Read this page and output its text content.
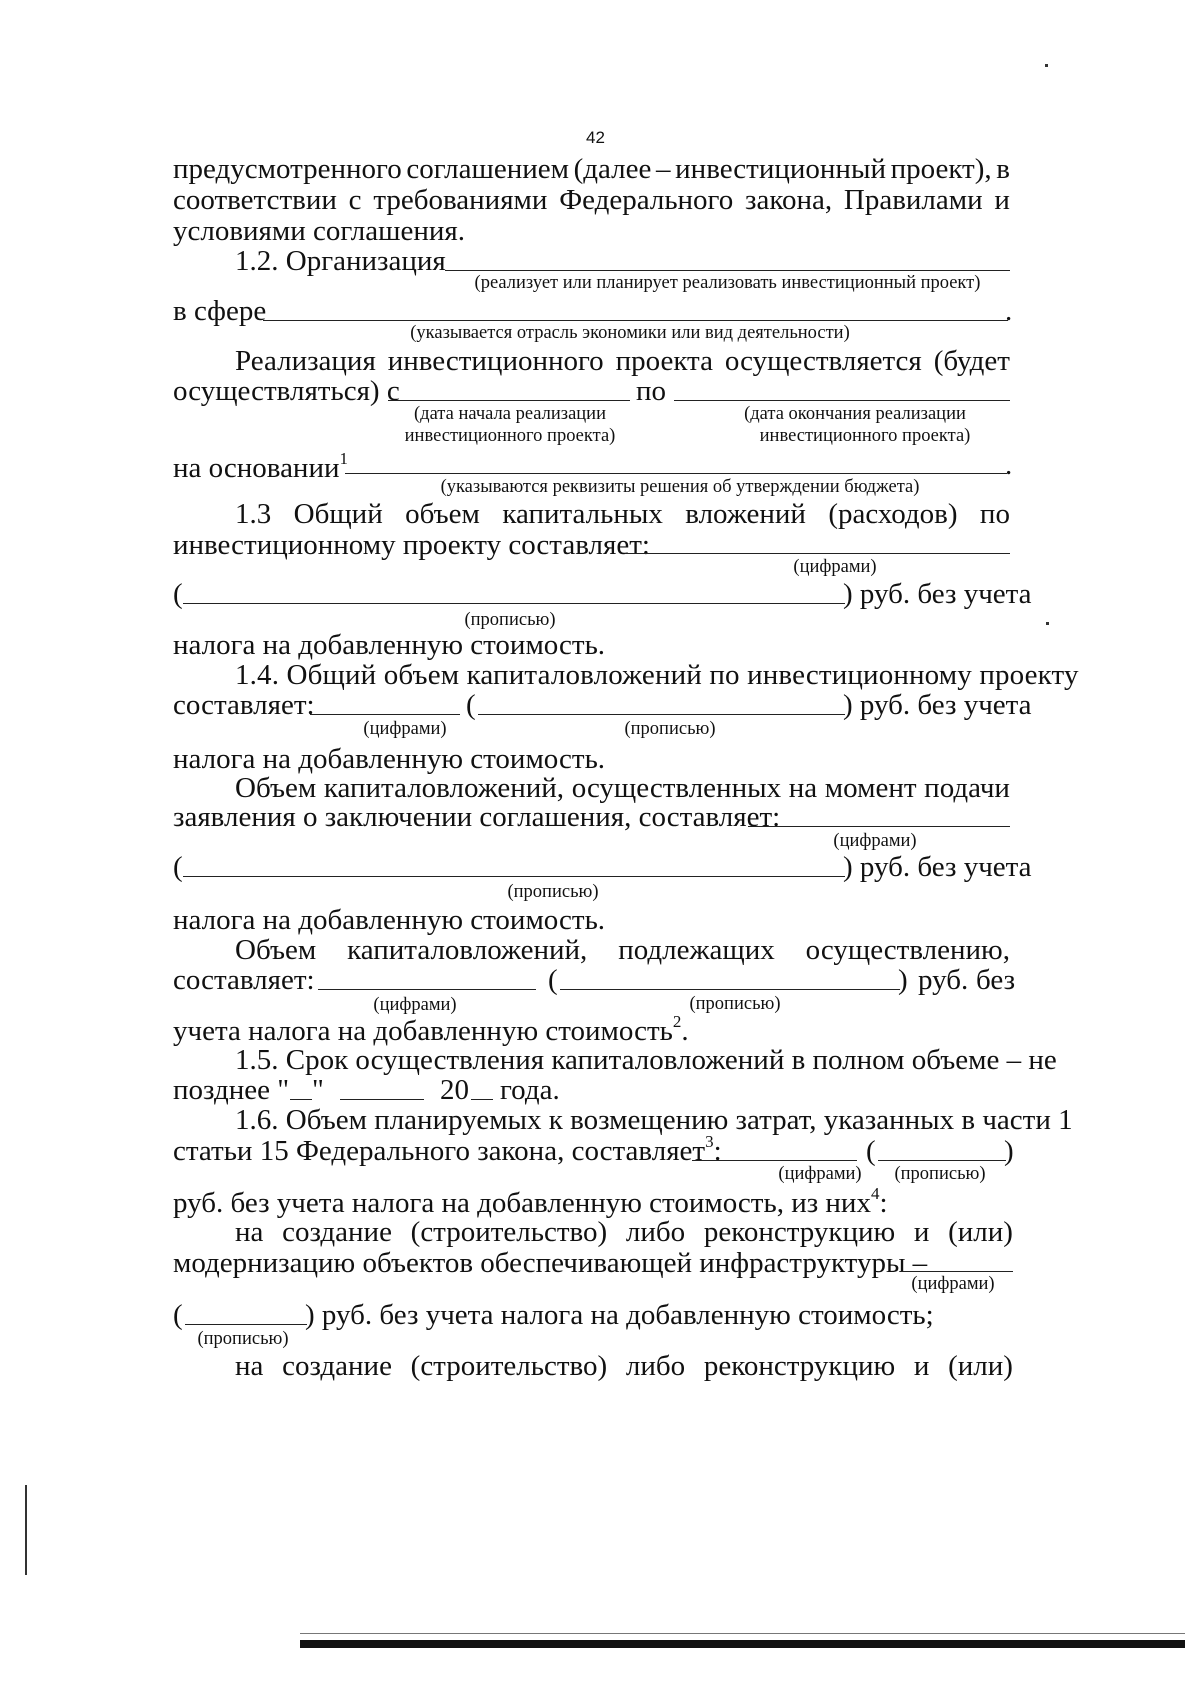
42
предусмотренного соглашением (далее – инвестиционный проект), в
соответствии с требованиями Федерального закона, Правилами и
условиями соглашения.
1.2. Организация
(реализует или планирует реализовать инвестиционный проект)
в сфере	.
(указывается отрасль экономики или вид деятельности)
Реализация инвестиционного проекта осуществляется (будет
осуществляться) с	по
(дата начала реализации
инвестиционного проекта)
(дата окончания реализации
инвестиционного проекта)
на основании$^1$	.
(указываются реквизиты решения об утверждении бюджета)
1.3 Общий объем капитальных вложений (расходов) по
инвестиционному проекту составляет:
(цифрами)
(	) руб. без учета
(прописью)
налога на добавленную стоимость.
1.4. Общий объем капиталовложений по инвестиционному проекту
составляет:	(	) руб. без учета
(цифрами)	(прописью)
налога на добавленную стоимость.
Объем капиталовложений, осуществленных на момент подачи
заявления о заключении соглашения, составляет:
(цифрами)
(	) руб. без учета
(прописью)
налога на добавленную стоимость.
Объем капиталовложений, подлежащих осуществлению,
составляет:	(	) руб. без
(цифрами)	(прописью)
учета налога на добавленную стоимость$^2$.
1.5. Срок осуществления капиталовложений в полном объеме – не
позднее " "	20 года.
1.6. Объем планируемых к возмещению затрат, указанных в части 1
статьи 15 Федерального закона, составляет$^3$:	(	)
(цифрами)	(прописью)
руб. без учета налога на добавленную стоимость, из них$^4$:
на создание (строительство) либо реконструкцию и (или)
модернизацию объектов обеспечивающей инфраструктуры –
(цифрами)
(	) руб. без учета налога на добавленную стоимость;
(прописью)
на создание (строительство) либо реконструкцию и (или)
